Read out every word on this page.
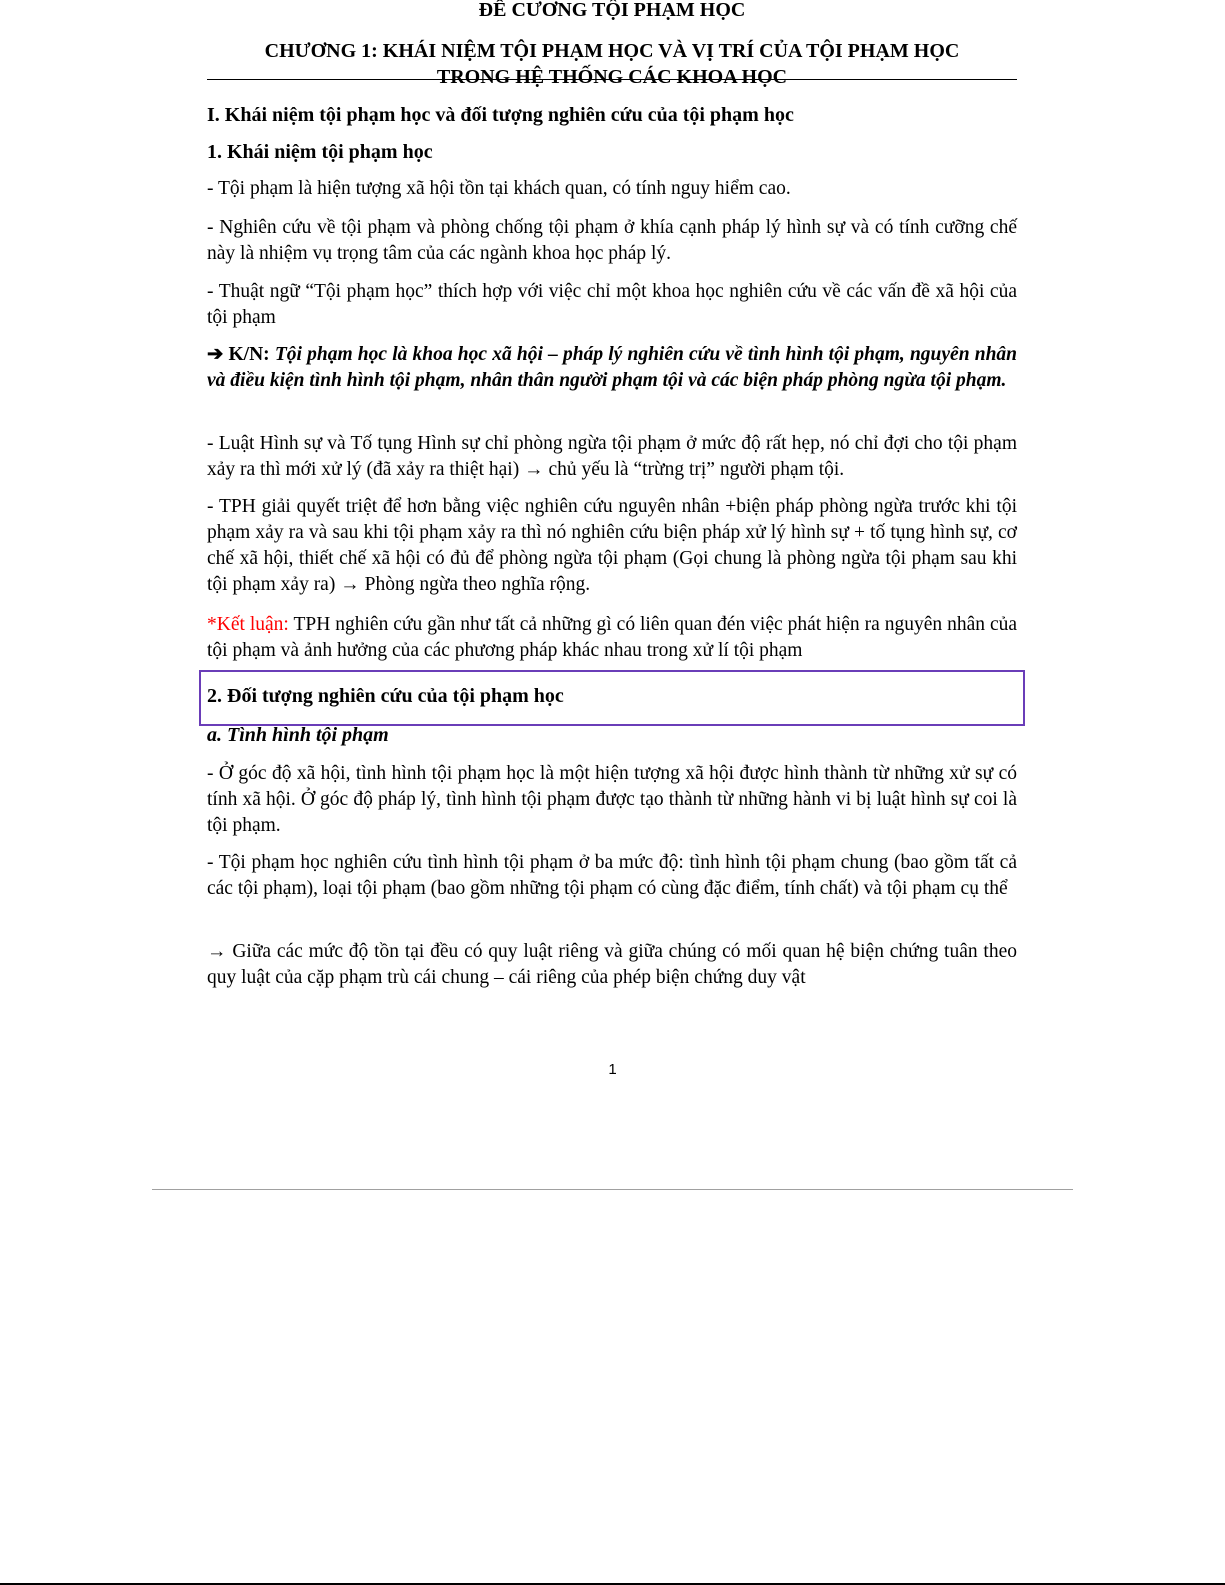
ĐỀ CƯƠNG TỘI PHẠM HỌC
CHƯƠNG 1: KHÁI NIỆM TỘI PHẠM HỌC VÀ VỊ TRÍ CỦA TỘI PHẠM HỌC
TRONG HỆ THỐNG CÁC KHOA HỌC
I. Khái niệm tội phạm học và đối tượng nghiên cứu của tội phạm học
1. Khái niệm tội phạm học

- Tội phạm là hiện tượng xã hội tồn tại khách quan, có tính nguy hiểm cao.

- Nghiên cứu về tội phạm và phòng chống tội phạm ở khía cạnh pháp lý hình sự và có tính cưỡng chế này là nhiệm vụ trọng tâm của các ngành khoa học pháp lý.

- Thuật ngữ “Tội phạm học” thích hợp với việc chỉ một khoa học nghiên cứu về các vấn đề xã hội của tội phạm

➔ K/N: Tội phạm học là khoa học xã hội – pháp lý nghiên cứu về tình hình tội phạm, nguyên nhân và điều kiện tình hình tội phạm, nhân thân người phạm tội và các biện pháp phòng ngừa tội phạm.

- Luật Hình sự và Tố tụng Hình sự chỉ phòng ngừa tội phạm ở mức độ rất hẹp, nó chỉ đợi cho tội phạm xảy ra thì mới xử lý (đã xảy ra thiệt hại) → chủ yếu là “trừng trị” người phạm tội.

- TPH giải quyết triệt để hơn bằng việc nghiên cứu nguyên nhân +biện pháp phòng ngừa trước khi tội phạm xảy ra và sau khi tội phạm xảy ra thì nó nghiên cứu biện pháp xử lý hình sự + tố tụng hình sự, cơ chế xã hội, thiết chế xã hội có đủ để phòng ngừa tội phạm (Gọi chung là phòng ngừa tội phạm sau khi tội phạm xảy ra) → Phòng ngừa theo nghĩa rộng.

*Kết luận: TPH nghiên cứu gần như tất cả những gì có liên quan đén việc phát hiện ra nguyên nhân của tội phạm và ảnh hưởng của các phương pháp khác nhau trong xử lí tội phạm

2. Đối tượng nghiên cứu của tội phạm học
a. Tình hình tội phạm

- Ở góc độ xã hội, tình hình tội phạm học là một hiện tượng xã hội được hình thành từ những xử sự có tính xã hội. Ở góc độ pháp lý, tình hình tội phạm được tạo thành từ những hành vi bị luật hình sự coi là tội phạm.

- Tội phạm học nghiên cứu tình hình tội phạm ở ba mức độ: tình hình tội phạm chung (bao gồm tất cả các tội phạm), loại tội phạm (bao gồm những tội phạm có cùng đặc điểm, tính chất) và tội phạm cụ thể

→ Giữa các mức độ tồn tại đều có quy luật riêng và giữa chúng có mối quan hệ biện chứng tuân theo quy luật của cặp phạm trù cái chung – cái riêng của phép biện chứng duy vật

1
